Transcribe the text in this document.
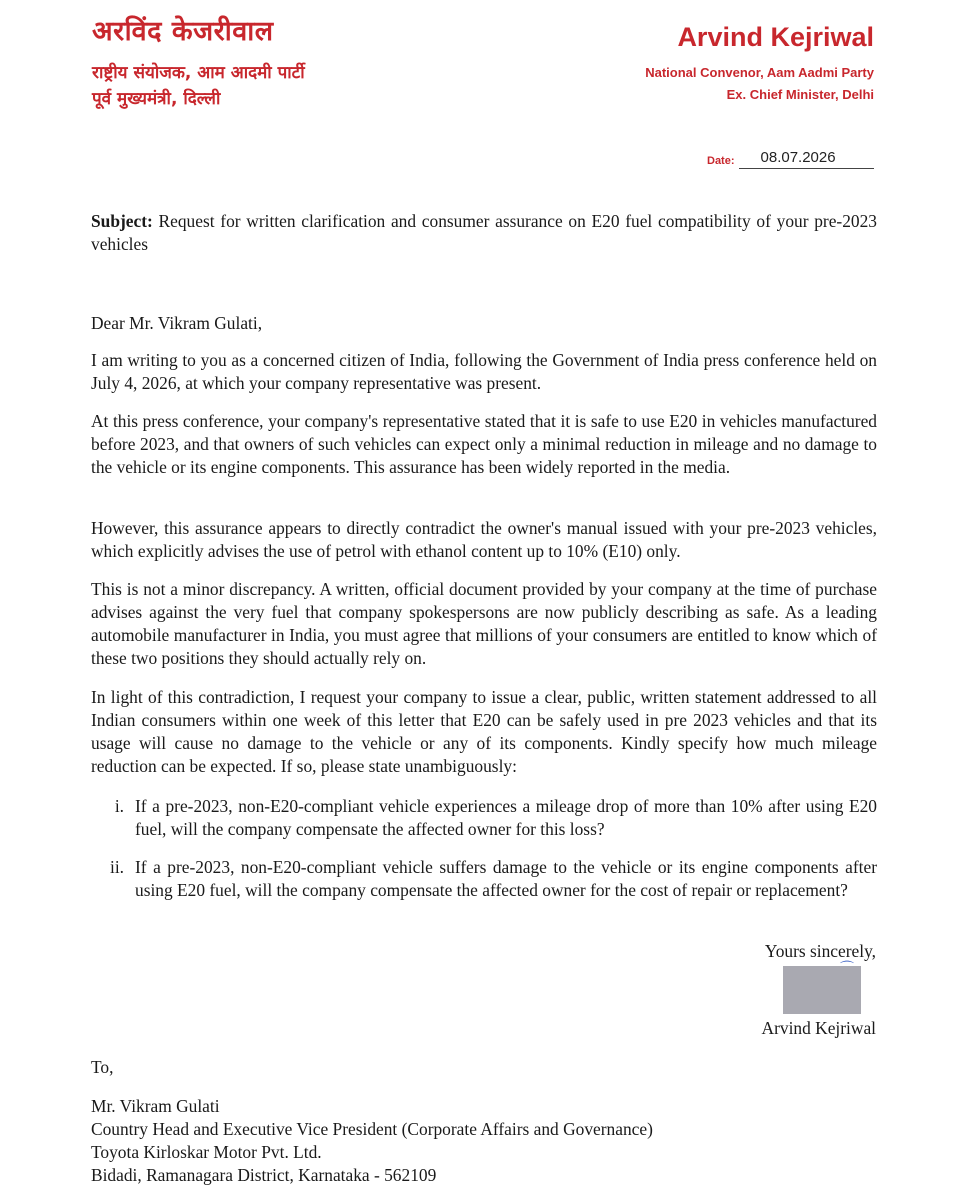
अरविंद केजरीवाल
राष्ट्रीय संयोजक, आम आदमी पार्टी
पूर्व मुख्यमंत्री, दिल्ली
Arvind Kejriwal
National Convenor, Aam Aadmi Party
Ex. Chief Minister, Delhi
Date:	08.07.2026

Subject: Request for written clarification and consumer assurance on E20 fuel compatibility of your pre-2023 vehicles

Dear Mr. Vikram Gulati,

I am writing to you as a concerned citizen of India, following the Government of India press conference held on July 4, 2026, at which your company representative was present.

At this press conference, your company's representative stated that it is safe to use E20 in vehicles manufactured before 2023, and that owners of such vehicles can expect only a minimal reduction in mileage and no damage to the vehicle or its engine components. This assurance has been widely reported in the media.

However, this assurance appears to directly contradict the owner's manual issued with your pre-2023 vehicles, which explicitly advises the use of petrol with ethanol content up to 10% (E10) only.

This is not a minor discrepancy. A written, official document provided by your company at the time of purchase advises against the very fuel that company spokespersons are now publicly describing as safe. As a leading automobile manufacturer in India, you must agree that millions of your consumers are entitled to know which of these two positions they should actually rely on.

In light of this contradiction, I request your company to issue a clear, public, written statement addressed to all Indian consumers within one week of this letter that E20 can be safely used in pre 2023 vehicles and that its usage will cause no damage to the vehicle or any of its components. Kindly specify how much mileage reduction can be expected. If so, please state unambiguously:

i. If a pre-2023, non-E20-compliant vehicle experiences a mileage drop of more than 10% after using E20 fuel, will the company compensate the affected owner for this loss?
ii. If a pre-2023, non-E20-compliant vehicle suffers damage to the vehicle or its engine components after using E20 fuel, will the company compensate the affected owner for the cost of repair or replacement?
Yours sincerely,
⌒
Arvind Kejriwal
To,
Mr. Vikram Gulati
Country Head and Executive Vice President (Corporate Affairs and Governance)
Toyota Kirloskar Motor Pvt. Ltd.
Bidadi, Ramanagara District, Karnataka - 562109
